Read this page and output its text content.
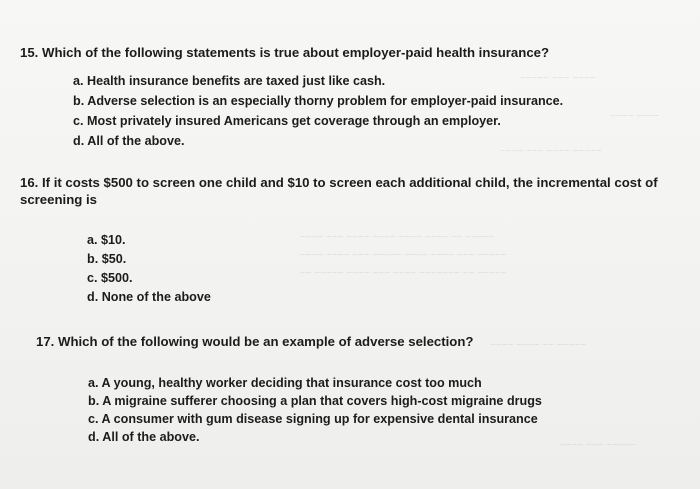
~~~~ ~~~ ~~~~~
~~~~ ~~~~
~~~~~ ~~~~ ~~~ ~~~~
~~~~~ ~~ ~~~~ ~~~~ ~~~~ ~~~~ ~~~ ~~~~
~~~~~ ~~~ ~~~~ ~~~~ ~~~~~ ~~~ ~~~~ ~~~~
~~~~~ ~~ ~~~~~~~ ~~~~ ~~~ ~~~~ ~~~~~ ~~
~~~~~ ~~ ~~~~ ~~~~
~~~~~ ~~~ ~~~~
15. Which of the following statements is true about employer-paid health insurance?
a. Health insurance benefits are taxed just like cash.
b. Adverse selection is an especially thorny problem for employer-paid insurance.
c. Most privately insured Americans get coverage through an employer.
d. All of the above.
16. If it costs $500 to screen one child and $10 to screen each additional child, the incremental cost of
screening is
a. $10.
b. $50.
c. $500.
d. None of the above
17. Which of the following would be an example of adverse selection?
a. A young, healthy worker deciding that insurance cost too much
b. A migraine sufferer choosing a plan that covers high-cost migraine drugs
c. A consumer with gum disease signing up for expensive dental insurance
d. All of the above.
